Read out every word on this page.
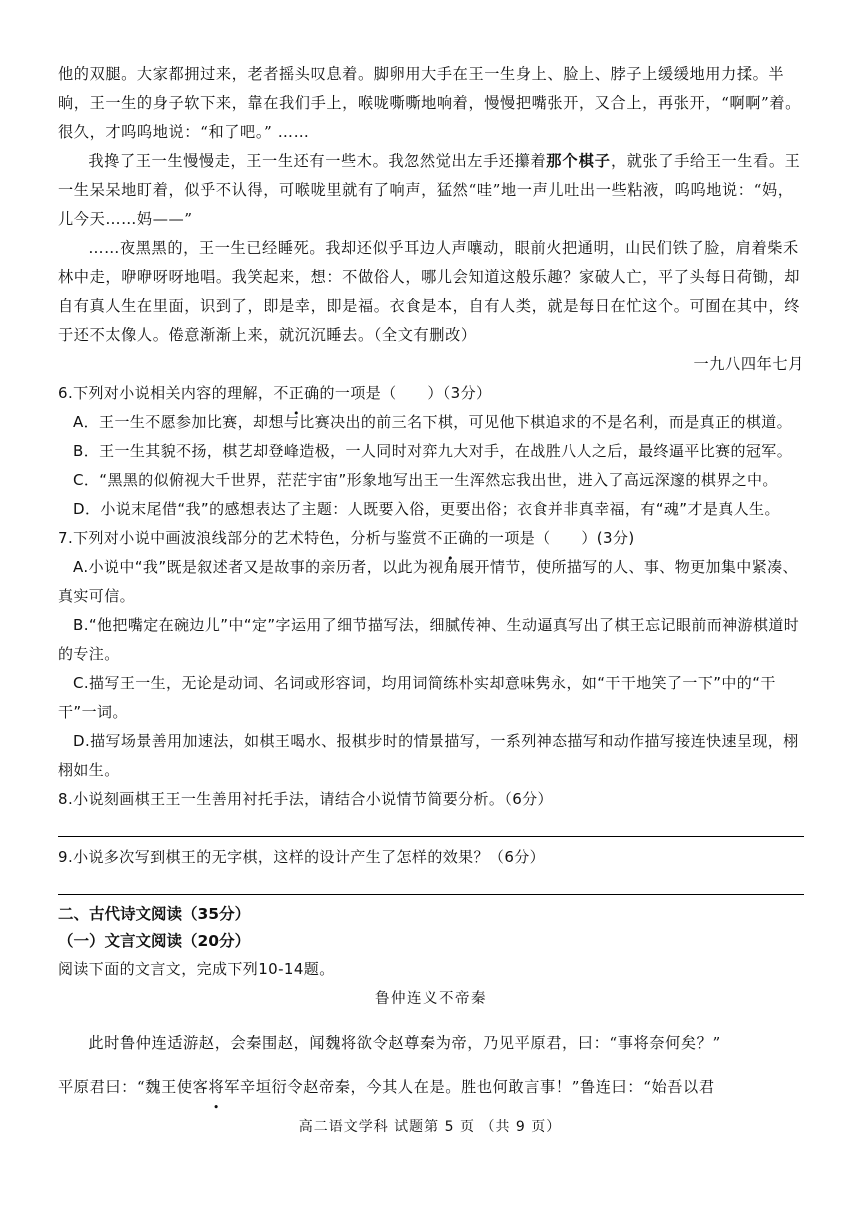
他的双腿。大家都拥过来，老者摇头叹息着。脚卵用大手在王一生身上、脸上、脖子上缓缓地用力揉。半晌，王一生的身子软下来，靠在我们手上，喉咙嘶嘶地响着，慢慢把嘴张开，又合上，再张开，“啊啊”着。很久，才呜呜地说：“和了吧。” ……

我搀了王一生慢慢走，王一生还有一些木。我忽然觉出左手还攥着那个棋子，就张了手给王一生看。王一生呆呆地盯着，似乎不认得，可喉咙里就有了响声，猛然“哇”地一声儿吐出一些粘液，呜呜地说：“妈，儿今天……妈——”

……夜黑黑的，王一生已经睡死。我却还似乎耳边人声嚷动，眼前火把通明，山民们铁了脸，肩着柴禾林中走，咿咿呀呀地唱。我笑起来，想：不做俗人，哪儿会知道这般乐趣？家破人亡，平了头每日荷锄，却自有真人生在里面，识到了，即是幸，即是福。衣食是本，自有人类，就是每日在忙这个。可囿在其中，终于还不太像人。倦意渐渐上来，就沉沉睡去。（全文有删改）

一九八四年七月

6.下列对小说相关内容的理解，不正确的一项是（　　）（3分）

A．王一生不愿参加比赛，却想与比赛决出的前三名下棋，可见他下棋追求的不是名利，而是真正的棋道。

B．王一生其貌不扬，棋艺却登峰造极，一人同时对弈九大对手，在战胜八人之后，最终逼平比赛的冠军。

C．“黑黑的似俯视大千世界，茫茫宇宙”形象地写出王一生浑然忘我出世，进入了高远深邃的棋界之中。

D．小说末尾借“我”的感想表达了主题：人既要入俗，更要出俗；衣食并非真幸福，有“魂”才是真人生。

7.下列对小说中画波浪线部分的艺术特色，分析与鉴赏不正确的一项是（　　）(3分)

A.小说中“我”既是叙述者又是故事的亲历者，以此为视角展开情节，使所描写的人、事、物更加集中紧凑、真实可信。

B.“他把嘴定在碗边儿”中“定”字运用了细节描写法，细腻传神、生动逼真写出了棋王忘记眼前而神游棋道时的专注。

C.描写王一生，无论是动词、名词或形容词，均用词简练朴实却意味隽永，如“干干地笑了一下”中的“干干”一词。

D.描写场景善用加速法，如棋王喝水、报棋步时的情景描写，一系列神态描写和动作描写接连快速呈现，栩栩如生。

8.小说刻画棋王王一生善用衬托手法，请结合小说情节简要分析。（6分）

9.小说多次写到棋王的无字棋，这样的设计产生了怎样的效果？（6分）

二、古代诗文阅读（35分）
（一）文言文阅读（20分）
阅读下面的文言文，完成下列10-14题。
鲁仲连义不帝秦

此时鲁仲连适游赵，会秦围赵，闻魏将欲令赵尊秦为帝，乃见平原君，曰：“事将奈何矣？”

平原君曰：“魏王使客将军辛垣衍令赵帝秦，今其人在是。胜也何敢言事！”鲁连曰：“始吾以君

高二语文学科 试题第 5 页 （共 9 页）
